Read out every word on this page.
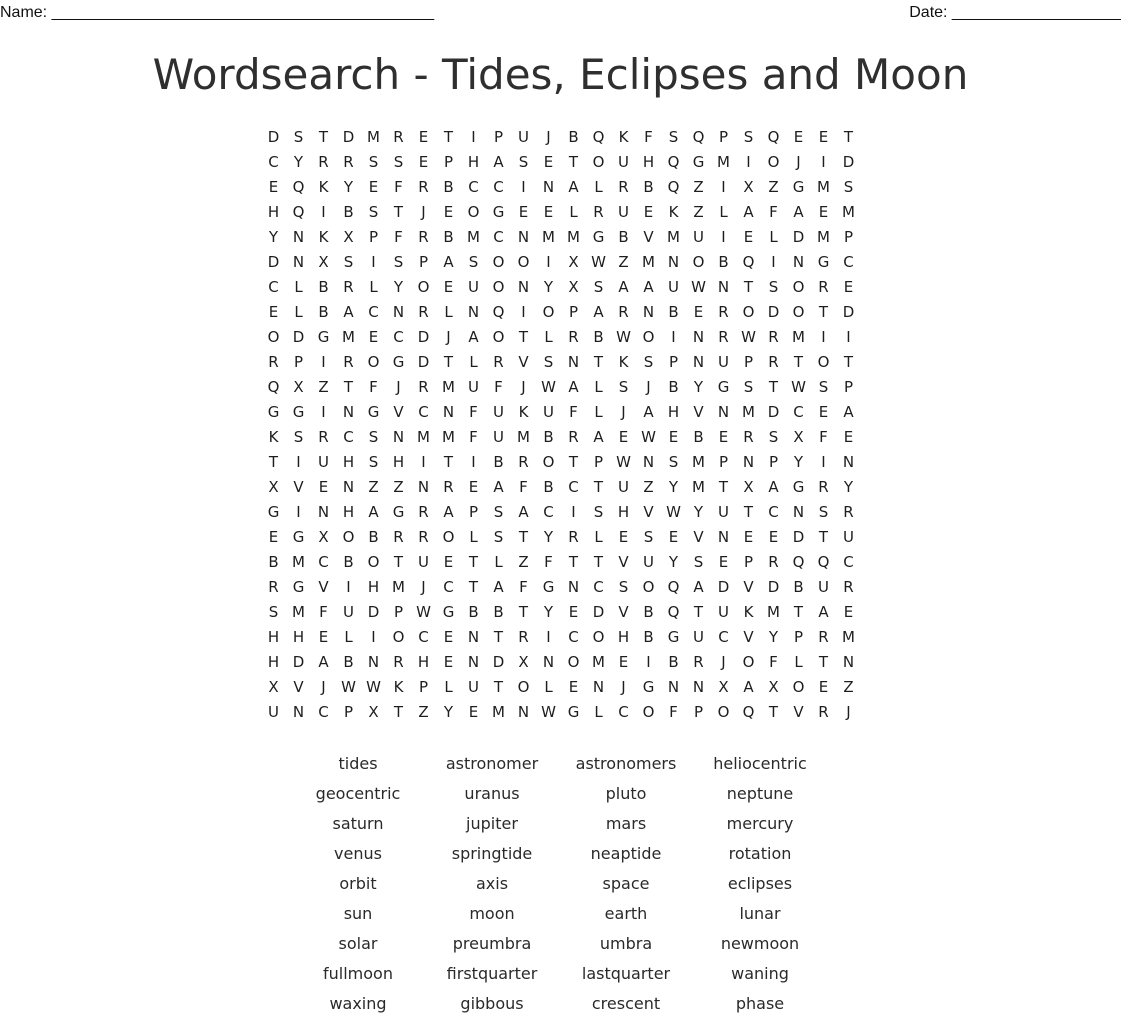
Name: ___________________________________________	Date: ___________________
Wordsearch - Tides, Eclipses and Moon
D S	T D M R	E	T	I	P U	J	B Q K	F	S Q P	S Q E	E	T
C	Y	R R	S	S	E	P H A	S	E	T O U H Q G M	I	O	J	I	D
E Q K	Y	E	F	R B C C	I	N A	L	R B Q Z	I	X Z G M S
H Q	I	B	S	T	J	E O G E	E	L	R U E	K Z	L	A	F	A	E M
Y N K X	P	F	R B M C N M M G B V M U	I	E	L	D M P
D N X	S	I	S	P	A	S O O	I	X W Z M N O B Q	I	N G C
C	L	B R	L	Y O E U O N Y	X	S	A A U W N T	S O R	E
E	L	B A C N R	L	N Q	I	O P	A R N B	E	R O D O T D
O D G M E	C D	J	A O T	L	R B W O	I	N R W R M	I	I
R	P	I	R O G D T	L	R V	S N T	K	S	P N U P	R	T O T
Q X Z	T	F	J	R M U	F	J	W A	L	S	J	B	Y G S	T W S	P
G G	I	N G V C N	F	U K U	F	L	J	A H V N M D C	E	A
K	S	R C	S N M M F	U M B R A	E W E	B	E	R	S	X	F	E
T	I	U H S H	I	T	I	B R O T	P W N S M P N P	Y	I	N
X V	E N Z Z N R	E	A	F	B C	T U Z	Y M T	X A G R	Y
G	I	N H A G R A	P	S	A C	I	S H V W Y U T	C N S	R
E G X O B R R O L	S	T	Y	R	L	E	S	E	V N E	E D T U
B M C B O T U E	T	L	Z	F	T	T	V U Y	S	E	P	R Q Q C
R G V	I	H M	J	C	T	A	F G N C	S O Q A D V D B U R
S M F	U D P W G B B	T	Y	E D V B Q T U K M T	A	E
H H E	L	I	O C	E N T	R	I	C O H B G U C V	Y	P	R M
H D A B N R H E N D X N O M E	I	B R	J	O F	L	T N
X V	J	W W K	P	L	U T O L	E N	J	G N N X A X O E	Z
U N C	P	X	T	Z	Y	E M N W G	L	C O F	P O Q T	V R	J
tides	astronomer	astronomers	heliocentric
geocentric	uranus	pluto	neptune
saturn	jupiter	mars	mercury
venus	springtide	neaptide	rotation
orbit	axis	space	eclipses
sun	moon	earth	lunar
solar	preumbra	umbra	newmoon
fullmoon	firstquarter	lastquarter	waning
waxing	gibbous	crescent	phase
